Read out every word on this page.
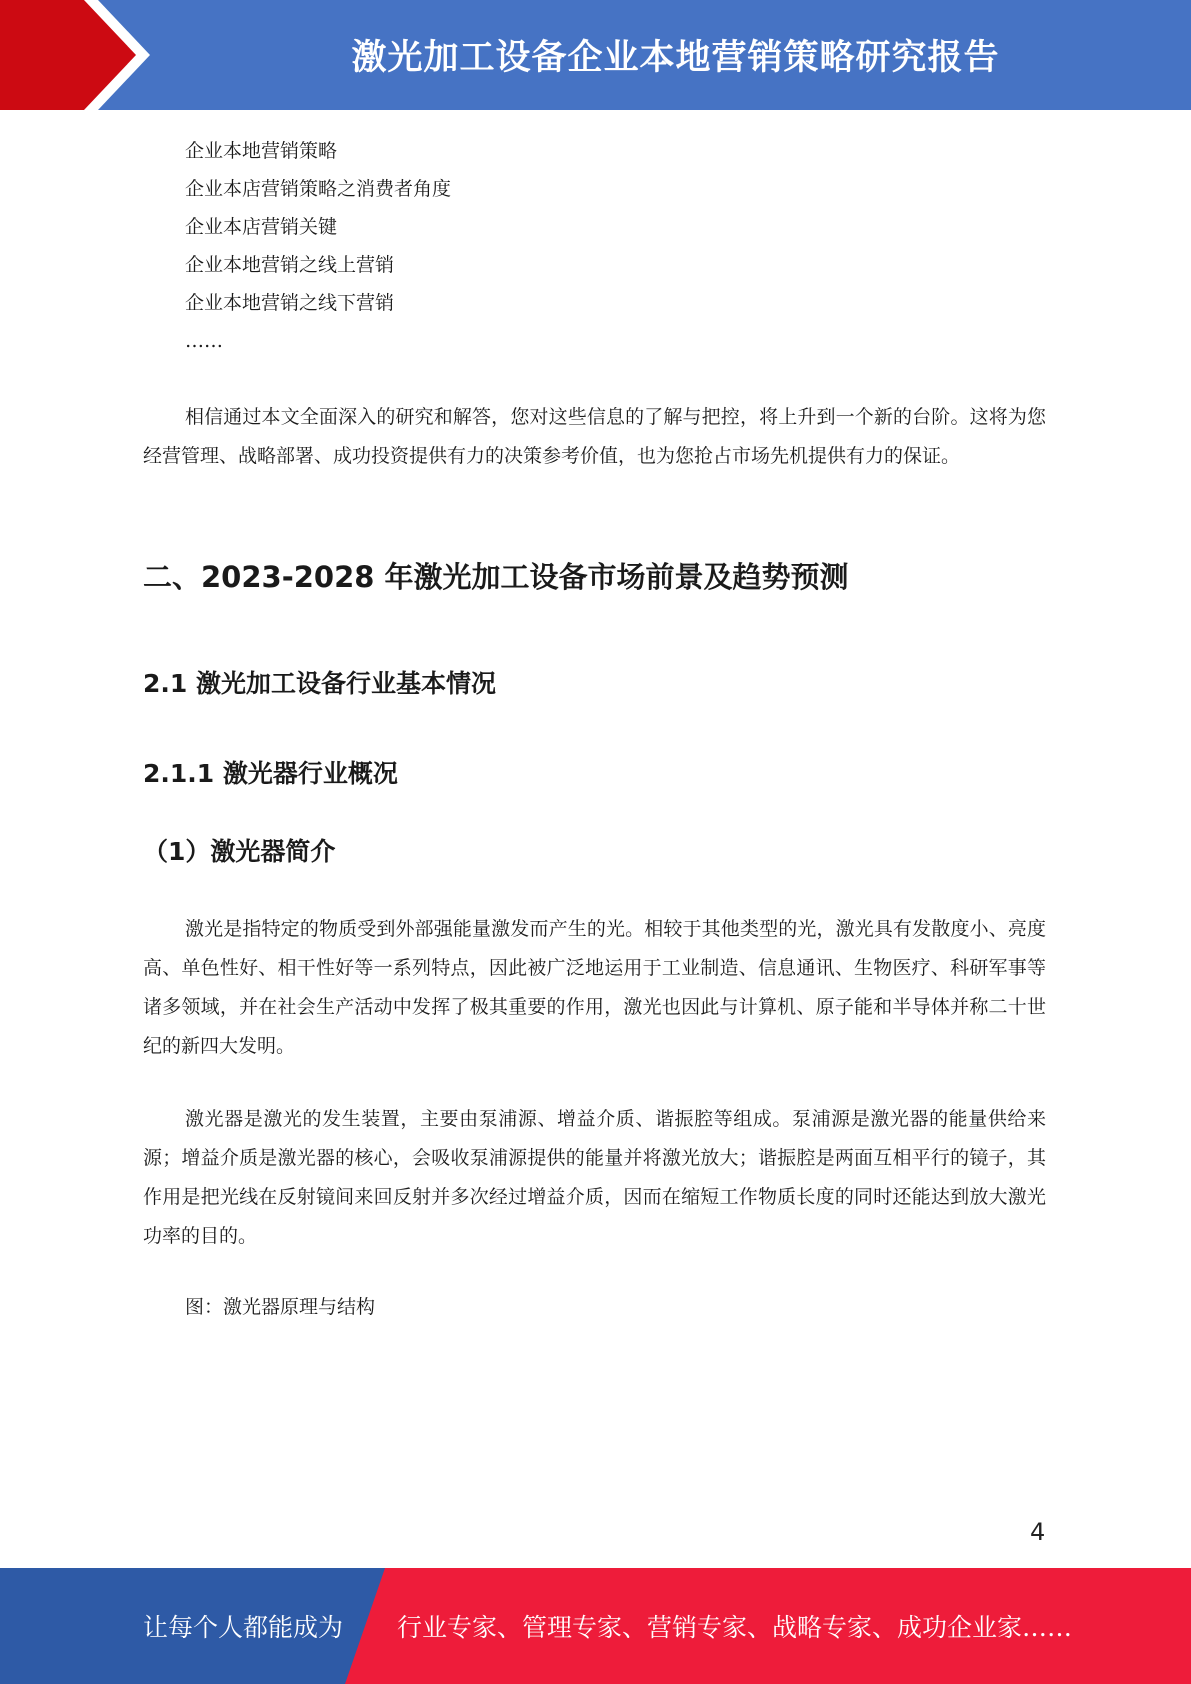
激光加工设备企业本地营销策略研究报告
企业本地营销策略
企业本店营销策略之消费者角度
企业本店营销关键
企业本地营销之线上营销
企业本地营销之线下营销
……

相信通过本文全面深入的研究和解答，您对这些信息的了解与把控，将上升到一个新的台阶。这将为您经营管理、战略部署、成功投资提供有力的决策参考价值，也为您抢占市场先机提供有力的保证。

二、2023-2028 年激光加工设备市场前景及趋势预测
2.1 激光加工设备行业基本情况
2.1.1 激光器行业概况
（1）激光器简介

激光是指特定的物质受到外部强能量激发而产生的光。相较于其他类型的光，激光具有发散度小、亮度高、单色性好、相干性好等一系列特点，因此被广泛地运用于工业制造、信息通讯、生物医疗、科研军事等诸多领域，并在社会生产活动中发挥了极其重要的作用，激光也因此与计算机、原子能和半导体并称二十世纪的新四大发明。

激光器是激光的发生装置，主要由泵浦源、增益介质、谐振腔等组成。泵浦源是激光器的能量供给来源；增益介质是激光器的核心，会吸收泵浦源提供的能量并将激光放大；谐振腔是两面互相平行的镜子，其作用是把光线在反射镜间来回反射并多次经过增益介质，因而在缩短工作物质长度的同时还能达到放大激光功率的目的。

图：激光器原理与结构
4
让每个人都能成为 行业专家、管理专家、营销专家、战略专家、成功企业家……
